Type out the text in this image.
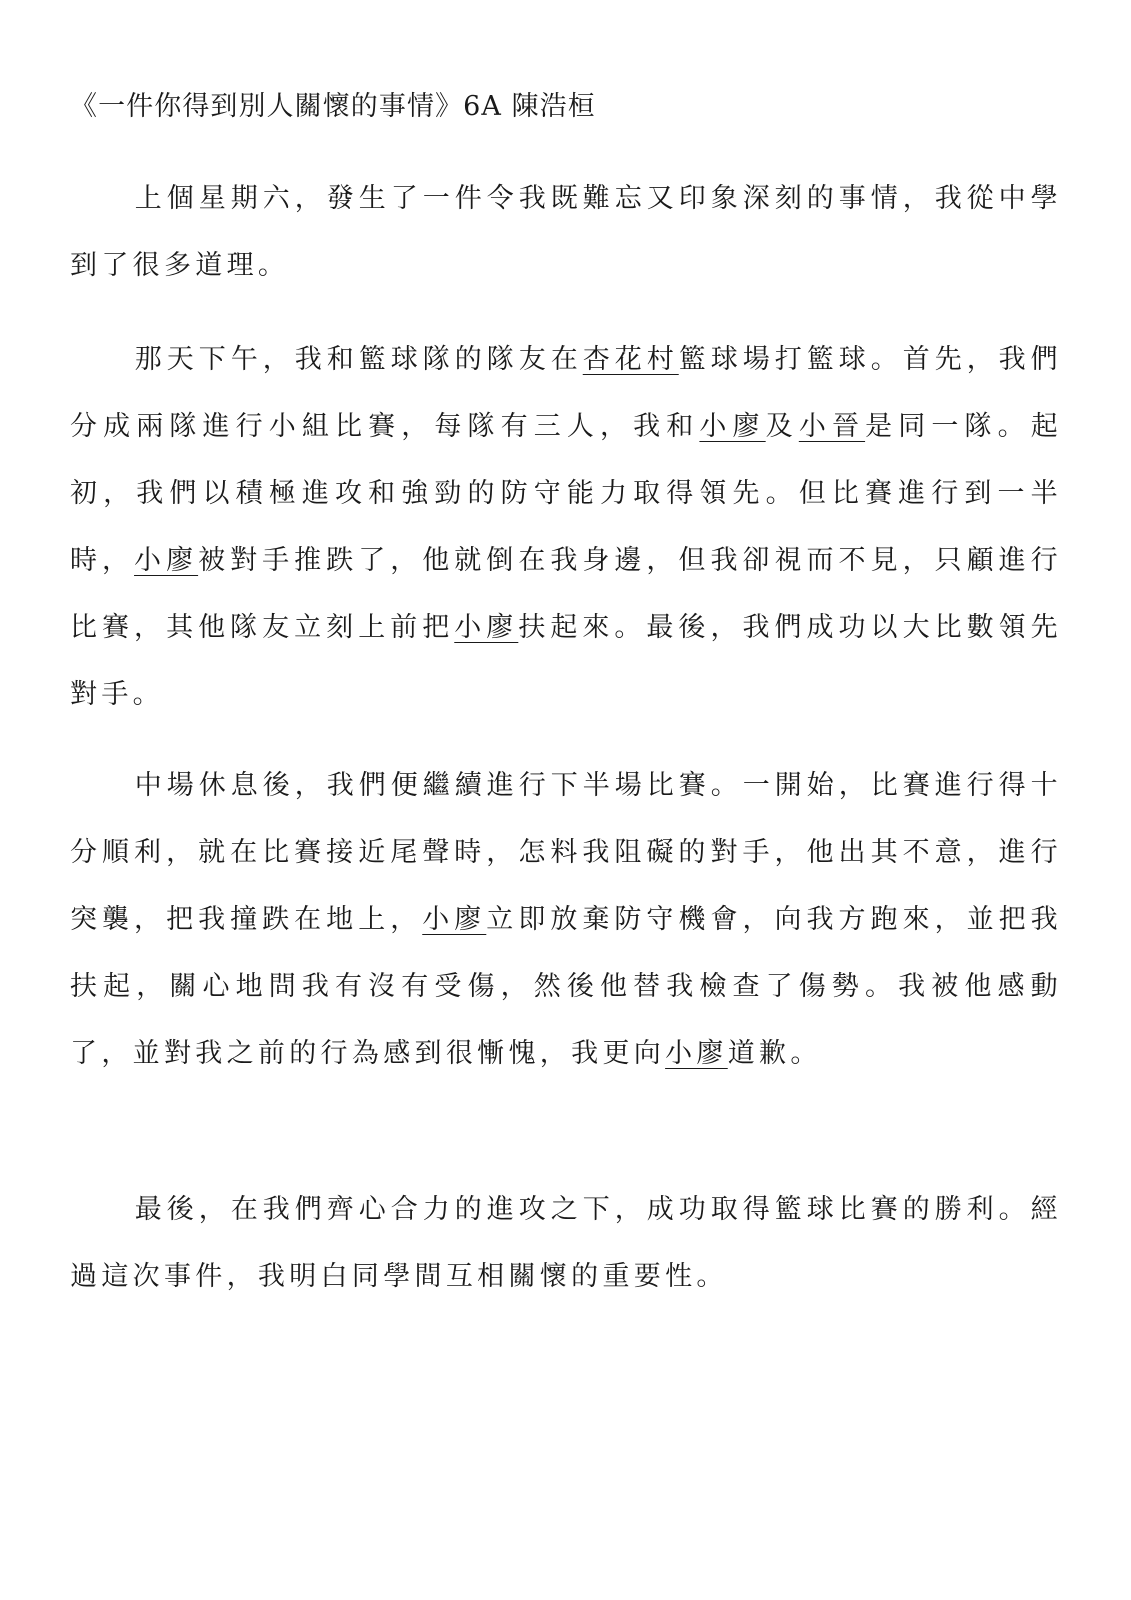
《一件你得到別人關懷的事情》6A 陳浩桓

上個星期六，發生了一件令我既難忘又印象深刻的事情，我從中學到了很多道理。

那天下午，我和籃球隊的隊友在杏花村籃球場打籃球。首先，我們分成兩隊進行小組比賽，每隊有三人，我和小廖及小晉是同一隊。起初，我們以積極進攻和強勁的防守能力取得領先。但比賽進行到一半時，小廖被對手推跌了，他就倒在我身邊，但我卻視而不見，只顧進行比賽，其他隊友立刻上前把小廖扶起來。最後，我們成功以大比數領先對手。

中場休息後，我們便繼續進行下半場比賽。一開始，比賽進行得十分順利，就在比賽接近尾聲時，怎料我阻礙的對手，他出其不意，進行突襲，把我撞跌在地上，小廖立即放棄防守機會，向我方跑來，並把我扶起，關心地問我有沒有受傷，然後他替我檢查了傷勢。我被他感動了，並對我之前的行為感到很慚愧，我更向小廖道歉。

最後，在我們齊心合力的進攻之下，成功取得籃球比賽的勝利。經過這次事件，我明白同學間互相關懷的重要性。
